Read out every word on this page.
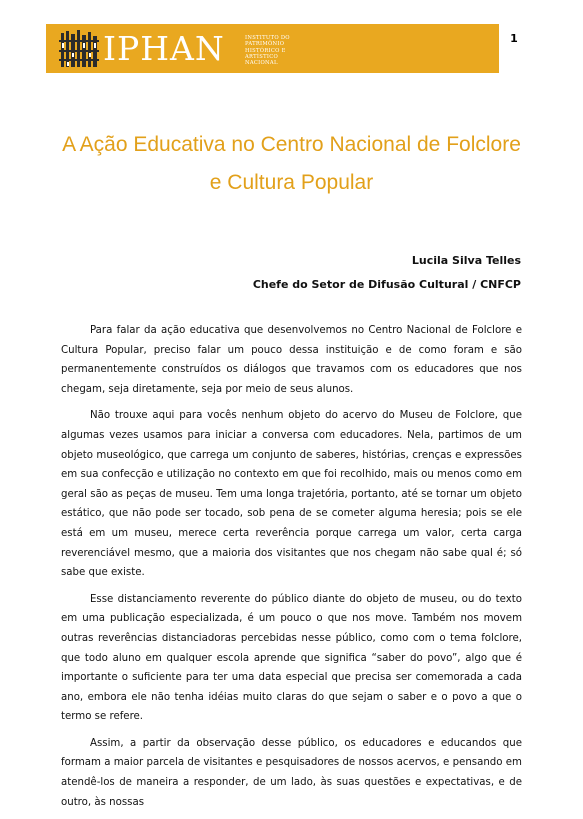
IPHAN	INSTITUTO DO
PATRIMÔNIO
HISTÓRICO E
ARTÍSTICO
NACIONAL
1
A Ação Educativa no Centro Nacional de Folclore
e Cultura Popular
Lucila Silva Telles
Chefe do Setor de Difusão Cultural / CNFCP

Para falar da ação educativa que desenvolvemos no Centro Nacional de Folclore e Cultura Popular, preciso falar um pouco dessa instituição e de como foram e são permanentemente construídos os diálogos que travamos com os educadores que nos chegam, seja diretamente, seja por meio de seus alunos.

Não trouxe aqui para vocês nenhum objeto do acervo do Museu de Folclore, que algumas vezes usamos para iniciar a conversa com educadores. Nela, partimos de um objeto museológico, que carrega um conjunto de saberes, histórias, crenças e expressões em sua confecção e utilização no contexto em que foi recolhido, mais ou menos como em geral são as peças de museu. Tem uma longa trajetória, portanto, até se tornar um objeto estático, que não pode ser tocado, sob pena de se cometer alguma heresia; pois se ele está em um museu, merece certa reverência porque carrega um valor, certa carga reverenciável mesmo, que a maioria dos visitantes que nos chegam não sabe qual é; só sabe que existe.

Esse distanciamento reverente do público diante do objeto de museu, ou do texto em uma publicação especializada, é um pouco o que nos move. Também nos movem outras reverências distanciadoras percebidas nesse público, como com o tema folclore, que todo aluno em qualquer escola aprende que significa “saber do povo”, algo que é importante o suficiente para ter uma data especial que precisa ser comemorada a cada ano, embora ele não tenha idéias muito claras do que sejam o saber e o povo a que o termo se refere.

Assim, a partir da observação desse público, os educadores e educandos que formam a maior parcela de visitantes e pesquisadores de nossos acervos, e pensando em atendê-los de maneira a responder, de um lado, às suas questões e expectativas, e de outro, às nossas
